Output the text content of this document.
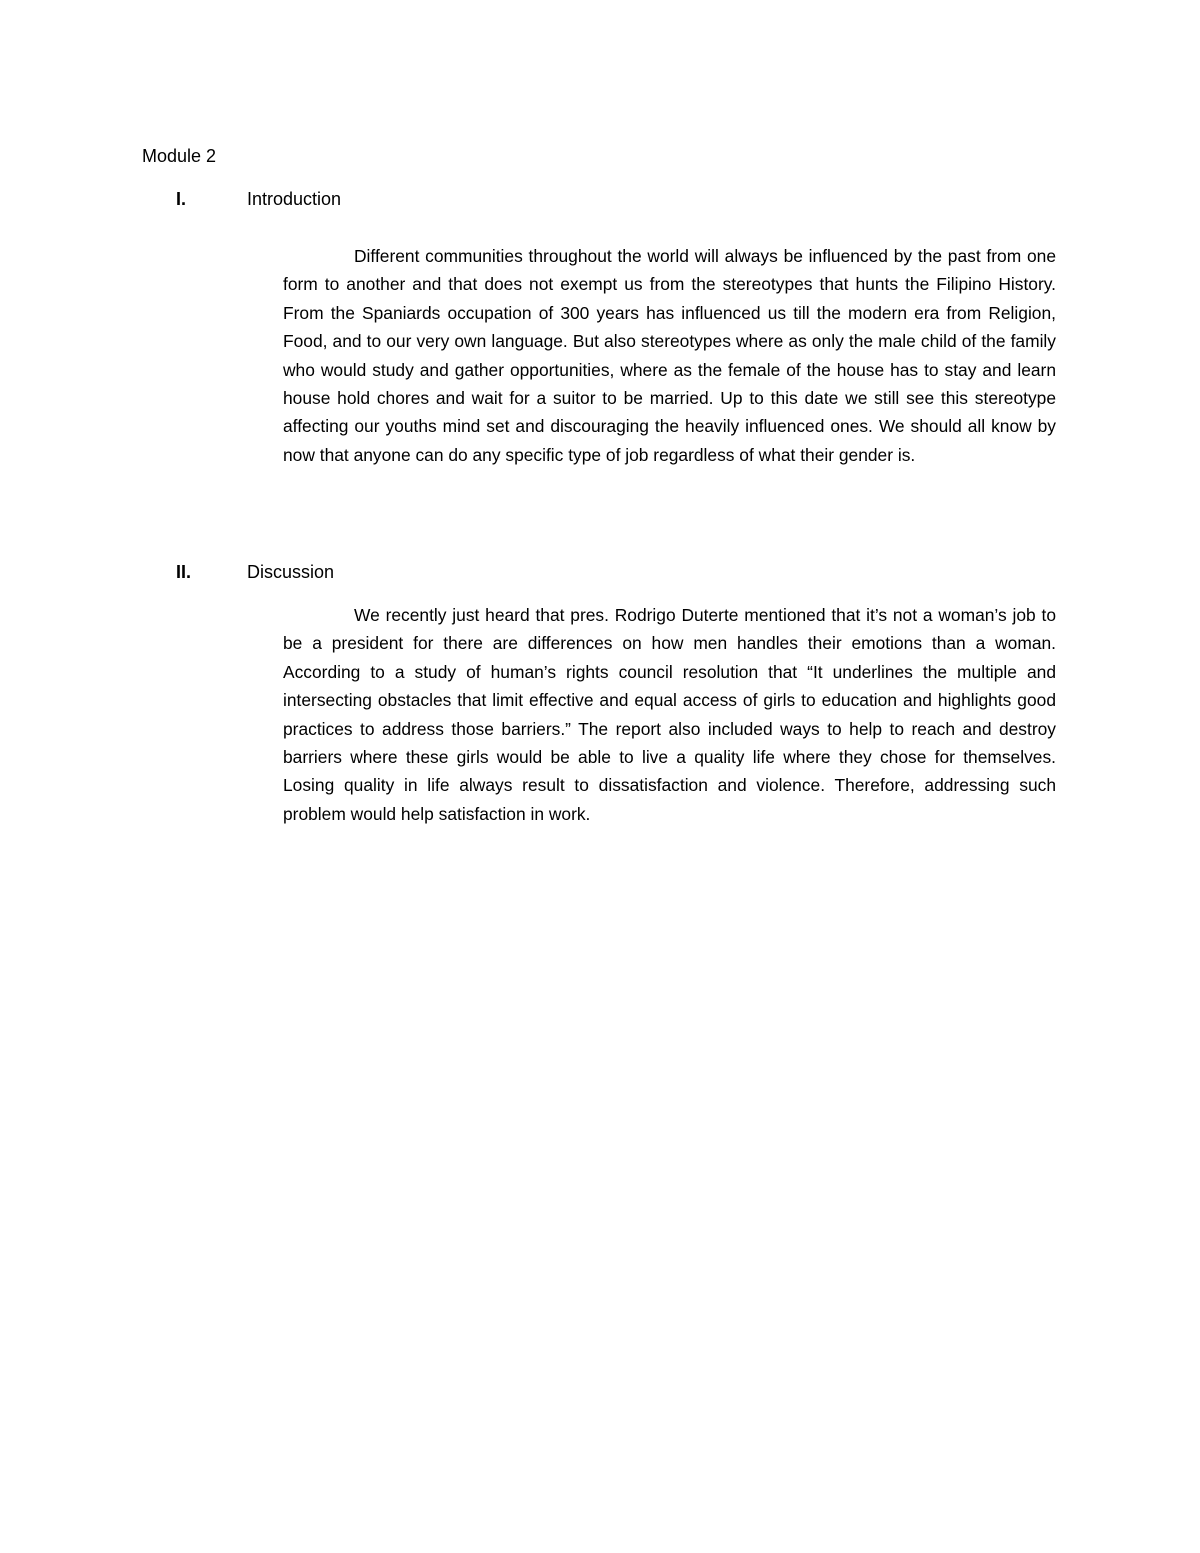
Module 2
I.	Introduction

Different communities throughout the world will always be influenced by the past from one form to another and that does not exempt us from the stereotypes that hunts the Filipino History. From the Spaniards occupation of 300 years has influenced us till the modern era from Religion, Food, and to our very own language. But also stereotypes where as only the male child of the family who would study and gather opportunities, where as the female of the house has to stay and learn house hold chores and wait for a suitor to be married. Up to this date we still see this stereotype affecting our youths mind set and discouraging the heavily influenced ones. We should all know by now that anyone can do any specific type of job regardless of what their gender is.

II.	Discussion

We recently just heard that pres. Rodrigo Duterte mentioned that it’s not a woman’s job to be a president for there are differences on how men handles their emotions than a woman. According to a study of human’s rights council resolution that “It underlines the multiple and intersecting obstacles that limit effective and equal access of girls to education and highlights good practices to address those barriers.” The report also included ways to help to reach and destroy barriers where these girls would be able to live a quality life where they chose for themselves. Losing quality in life always result to dissatisfaction and violence. Therefore, addressing such problem would help satisfaction in work.
